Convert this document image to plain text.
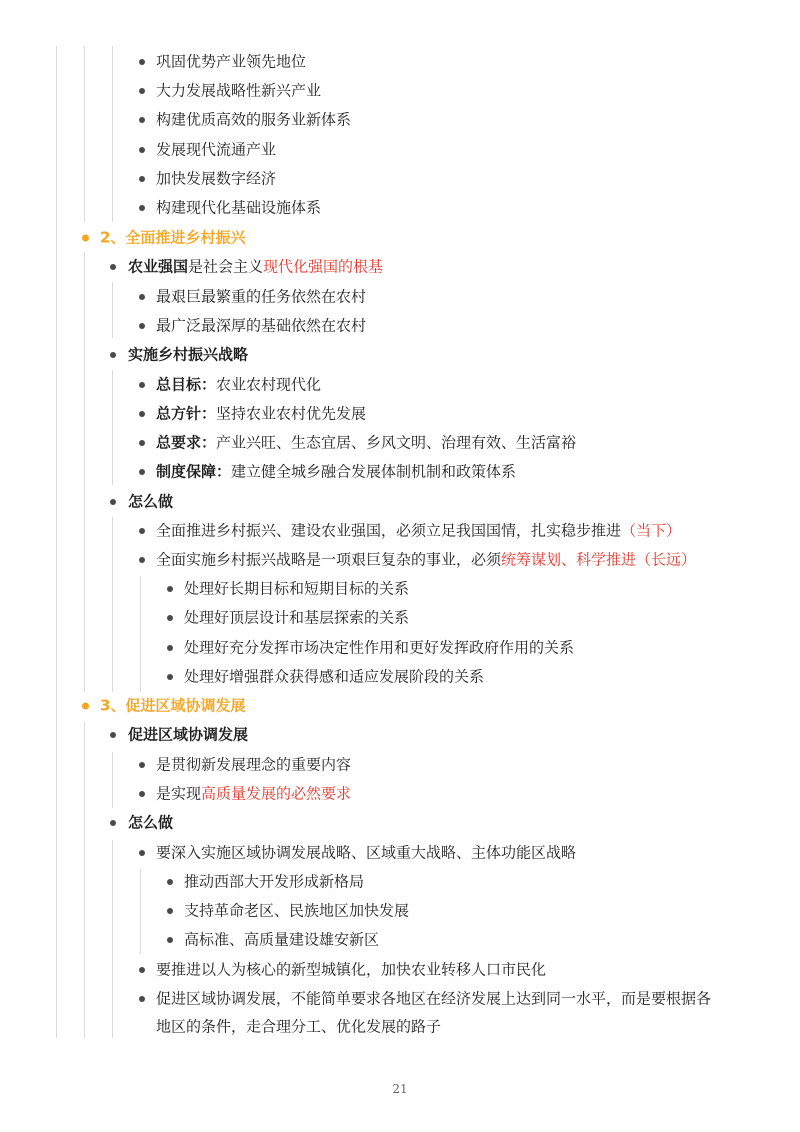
巩固优势产业领先地位
大力发展战略性新兴产业
构建优质高效的服务业新体系
发展现代流通产业
加快发展数字经济
构建现代化基础设施体系
2、全面推进乡村振兴
农业强国是社会主义现代化强国的根基
最艰巨最繁重的任务依然在农村
最广泛最深厚的基础依然在农村
实施乡村振兴战略
总目标：农业农村现代化
总方针：坚持农业农村优先发展
总要求：产业兴旺、生态宜居、乡风文明、治理有效、生活富裕
制度保障：建立健全城乡融合发展体制机制和政策体系
怎么做
全面推进乡村振兴、建设农业强国，必须立足我国国情，扎实稳步推进（当下）
全面实施乡村振兴战略是一项艰巨复杂的事业，必须统筹谋划、科学推进（长远）
处理好长期目标和短期目标的关系
处理好顶层设计和基层探索的关系
处理好充分发挥市场决定性作用和更好发挥政府作用的关系
处理好增强群众获得感和适应发展阶段的关系
3、促进区域协调发展
促进区域协调发展
是贯彻新发展理念的重要内容
是实现高质量发展的必然要求
怎么做
要深入实施区域协调发展战略、区域重大战略、主体功能区战略
推动西部大开发形成新格局
支持革命老区、民族地区加快发展
高标准、高质量建设雄安新区
要推进以人为核心的新型城镇化，加快农业转移人口市民化
促进区域协调发展，不能简单要求各地区在经济发展上达到同一水平，而是要根据各
地区的条件，走合理分工、优化发展的路子
21
